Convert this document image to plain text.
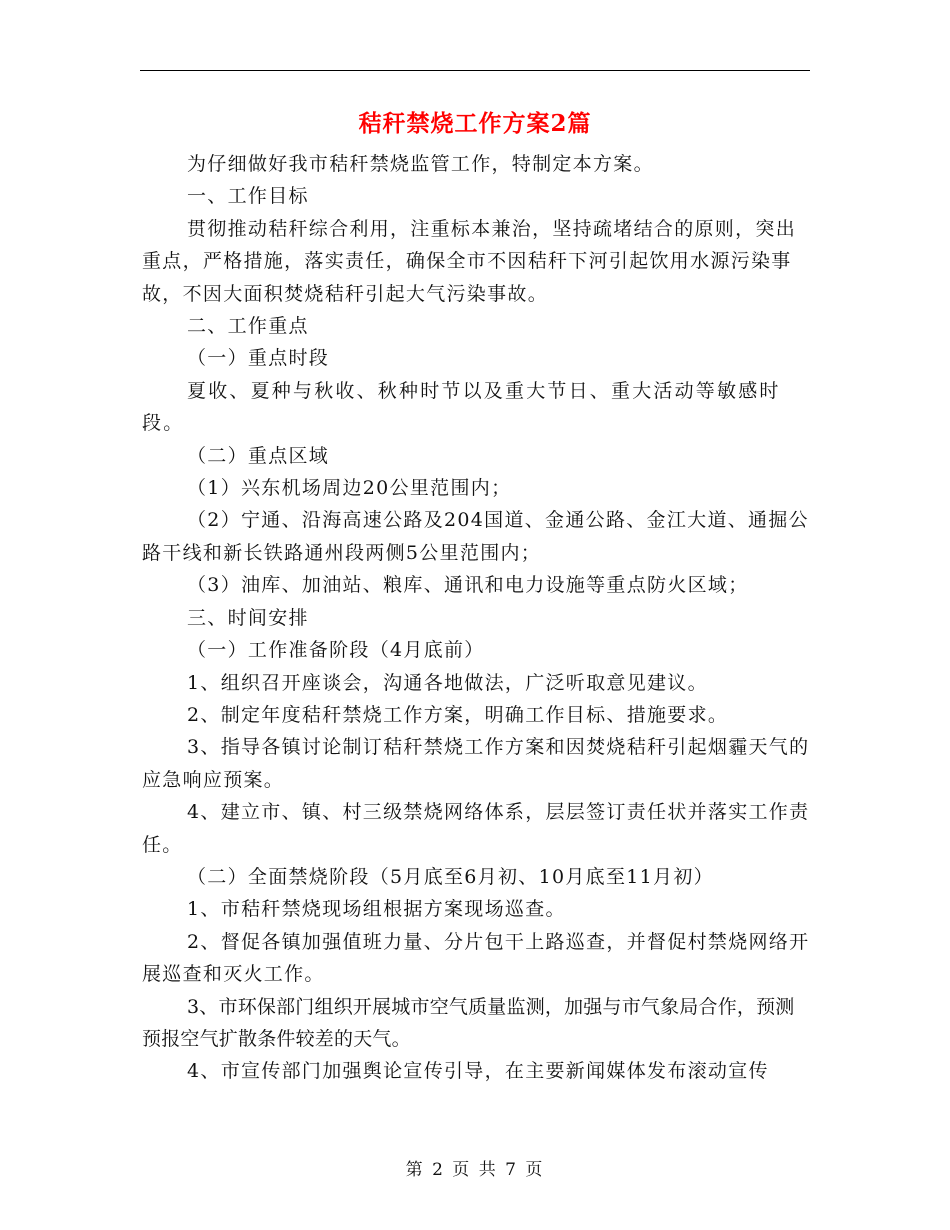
秸秆禁烧工作方案2篇

为仔细做好我市秸秆禁烧监管工作，特制定本方案。

一、工作目标

贯彻推动秸秆综合利用，注重标本兼治，坚持疏堵结合的原则，突出重点，严格措施，落实责任，确保全市不因秸秆下河引起饮用水源污染事故，不因大面积焚烧秸秆引起大气污染事故。

二、工作重点

（一）重点时段

夏收、夏种与秋收、秋种时节以及重大节日、重大活动等敏感时段。

（二）重点区域

（1）兴东机场周边20公里范围内；

（2）宁通、沿海高速公路及204国道、金通公路、金江大道、通掘公路干线和新长铁路通州段两侧5公里范围内；

（3）油库、加油站、粮库、通讯和电力设施等重点防火区域；

三、时间安排

（一）工作准备阶段（4月底前）

1、组织召开座谈会，沟通各地做法，广泛听取意见建议。

2、制定年度秸秆禁烧工作方案，明确工作目标、措施要求。

3、指导各镇讨论制订秸秆禁烧工作方案和因焚烧秸秆引起烟霾天气的应急响应预案。

4、建立市、镇、村三级禁烧网络体系，层层签订责任状并落实工作责任。

（二）全面禁烧阶段（5月底至6月初、10月底至11月初）

1、市秸秆禁烧现场组根据方案现场巡查。

2、督促各镇加强值班力量、分片包干上路巡查，并督促村禁烧网络开展巡查和灭火工作。

3、市环保部门组织开展城市空气质量监测，加强与市气象局合作，预测预报空气扩散条件较差的天气。

4、市宣传部门加强舆论宣传引导，在主要新闻媒体发布滚动宣传

第 2 页 共 7 页
